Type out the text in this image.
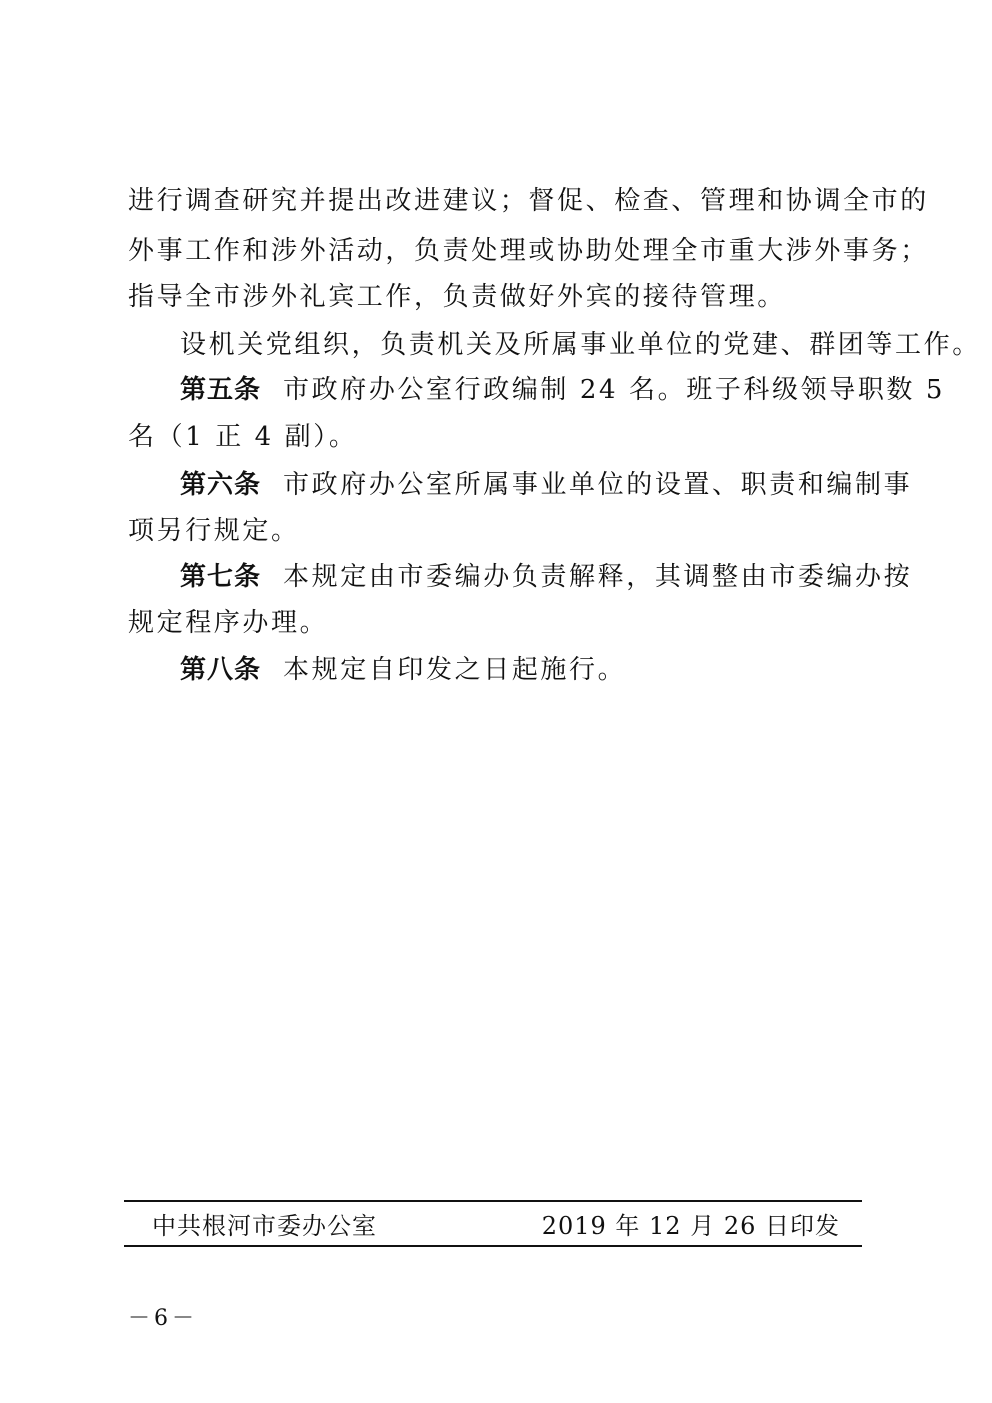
进行调查研究并提出改进建议；督促、检查、管理和协调全市的
外事工作和涉外活动，负责处理或协助处理全市重大涉外事务；
指导全市涉外礼宾工作，负责做好外宾的接待管理。
设机关党组织，负责机关及所属事业单位的党建、群团等工作。
第五条 市政府办公室行政编制 24 名。班子科级领导职数 5
名（1 正 4 副）。
第六条 市政府办公室所属事业单位的设置、职责和编制事
项另行规定。
第七条 本规定由市委编办负责解释，其调整由市委编办按
规定程序办理。
第八条 本规定自印发之日起施行。
中共根河市委办公室	2019 年 12 月 26 日印发
－6－
